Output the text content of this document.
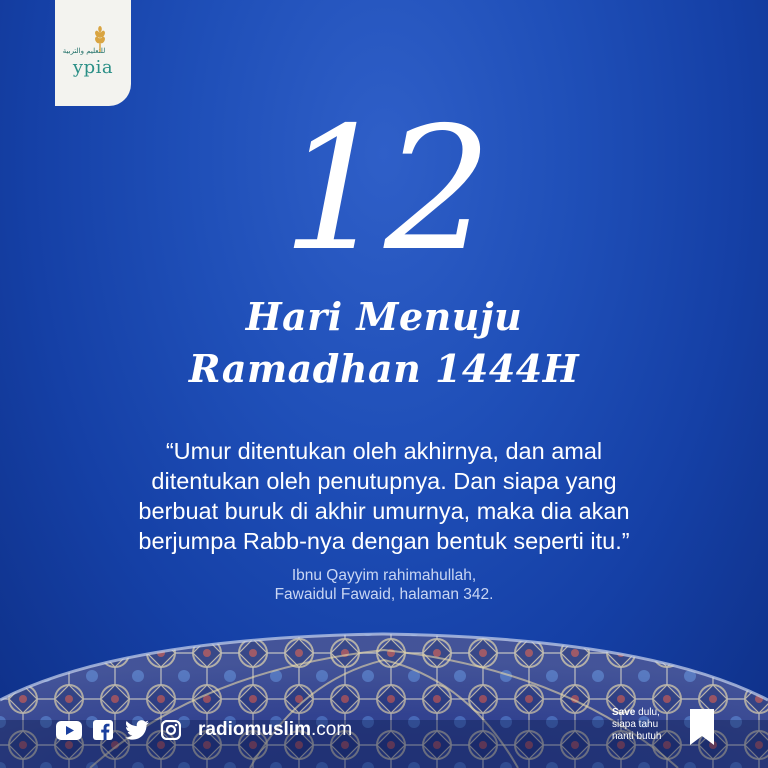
للتعليم والتربية
ypia
12
Hari Menuju
Ramadhan 1444H
“Umur ditentukan oleh akhirnya, dan amal
ditentukan oleh penutupnya. Dan siapa yang
berbuat buruk di akhir umurnya, maka dia akan
berjumpa Rabb-nya dengan bentuk seperti itu.”
Ibnu Qayyim rahimahullah,
Fawaidul Fawaid, halaman 342.
radiomuslim.com
Save dulu,
siapa tahu
nanti butuh
